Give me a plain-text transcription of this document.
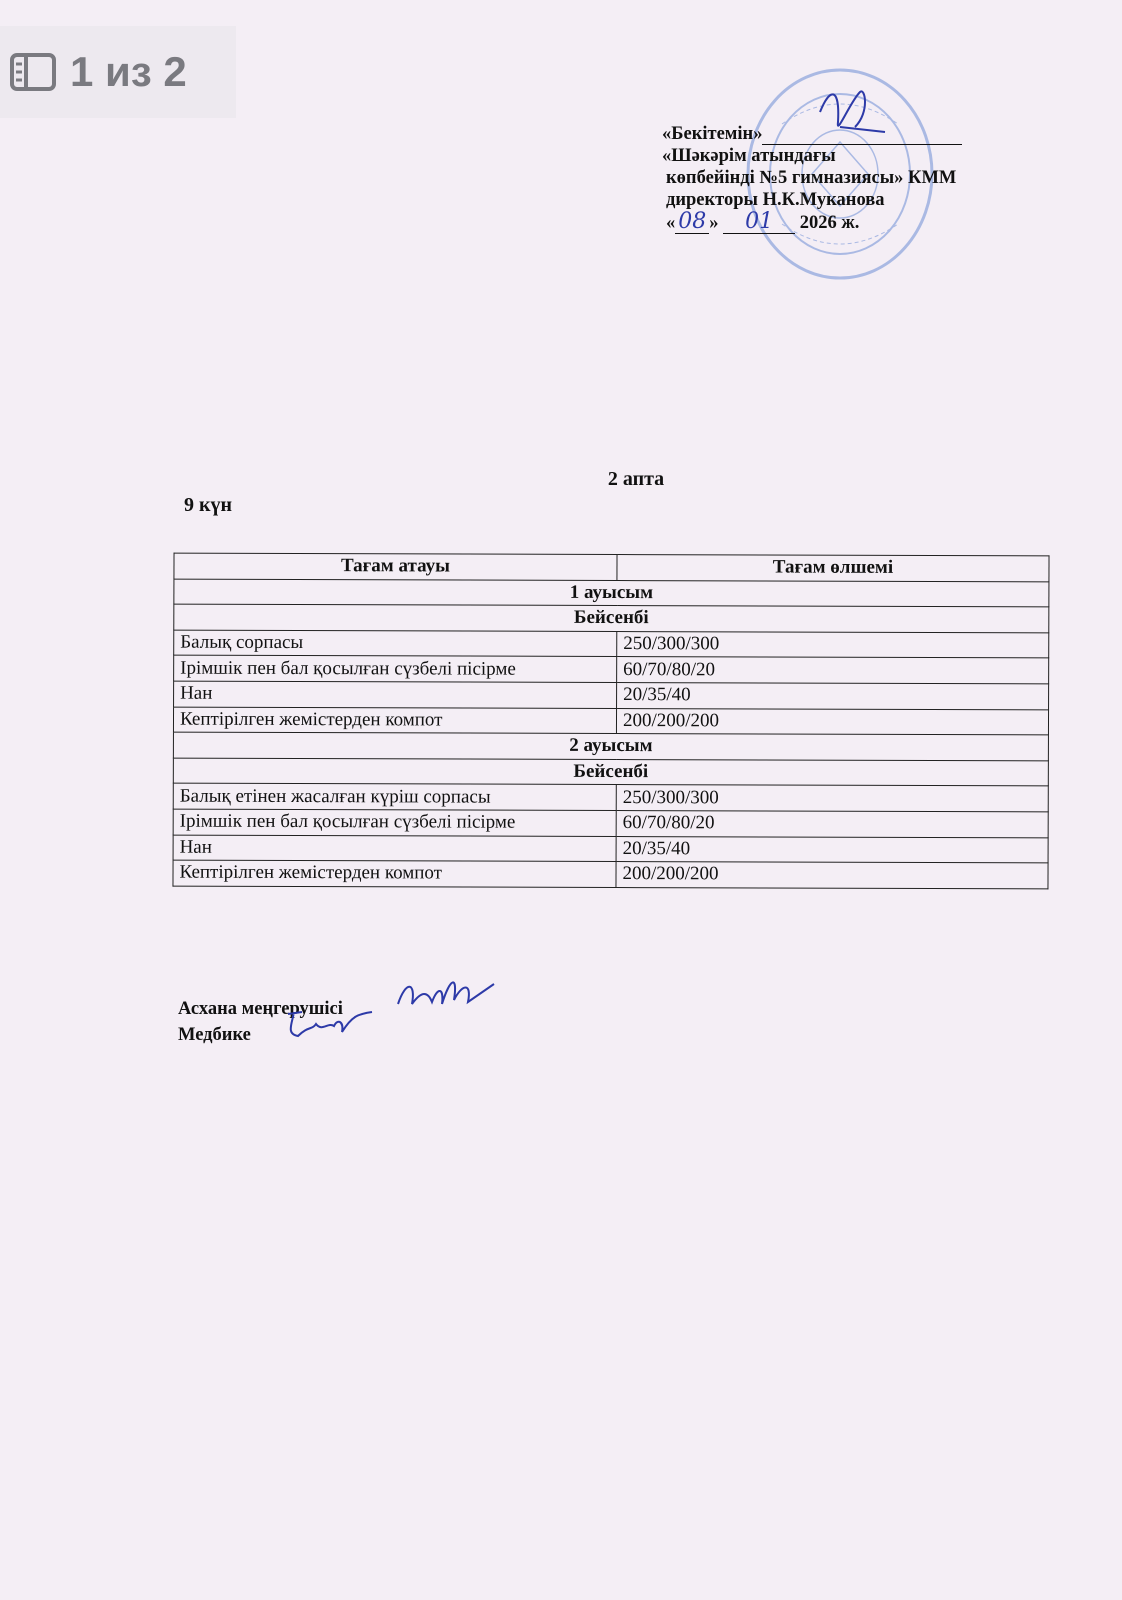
1 из 2
«Бекітемін»
«Шәкәрім атындағы
көпбейінді №5 гимназиясы» КММ
директоры Н.К.Муканова
« 08 » 01 2026 ж.
2 апта
9 күн
Тағам атауы	Тағам өлшемі
1 ауысым	
Бейсенбі	
Балық сорпасы	250/300/300
Ірімшік пен бал қосылған сүзбелі пісірме	60/70/80/20
Нан	20/35/40
Кептірілген жемістерден компот	200/200/200
2 ауысым	
Бейсенбі	
Балық етінен жасалған күріш сорпасы	250/300/300
Ірімшік пен бал қосылған сүзбелі пісірме	60/70/80/20
Нан	20/35/40
Кептірілген жемістерден компот	200/200/200
Асхана меңгерушісі
Медбике
